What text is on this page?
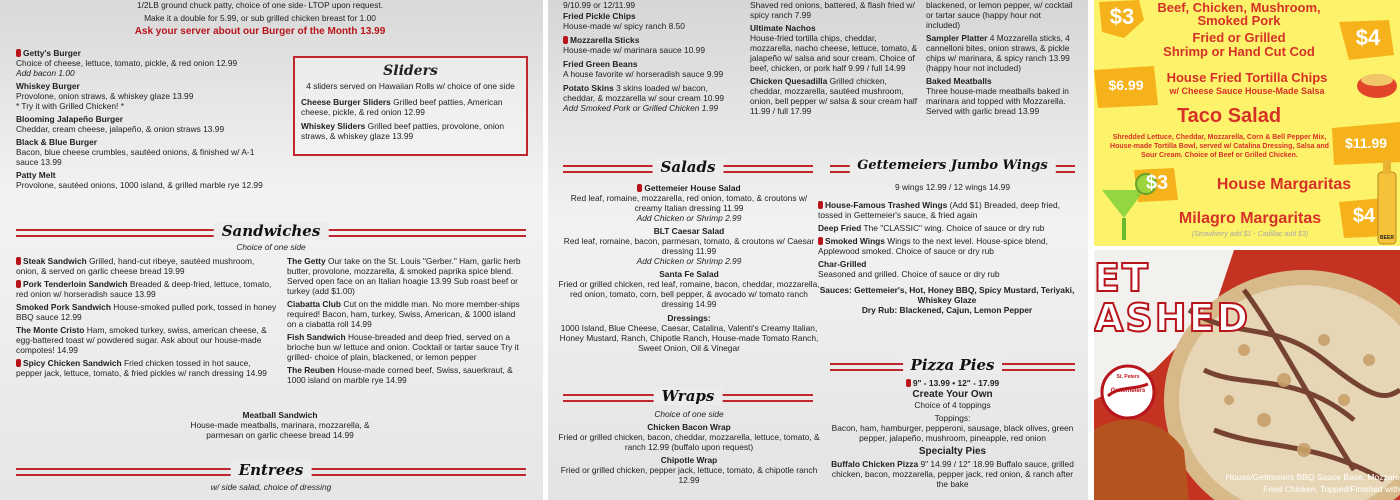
1/2LB ground chuck patty, choice of one side- LTOP upon request.
Make it a double for 5.99, or sub grilled chicken breast for 1.00
Ask your server about our Burger of the Month 13.99
Getty's Burger
Choice of cheese, lettuce, tomato, pickle, & red onion 12.99
Add bacon 1.00
Whiskey Burger
Provolone, onion straws, & whiskey glaze 13.99
* Try it with Grilled Chicken! *
Blooming Jalapeño Burger
Cheddar, cream cheese, jalapeño, & onion straws 13.99
Black & Blue Burger
Bacon, blue cheese crumbles, sautéed onions, & finished w/ A-1 sauce 13.99
Patty Melt
Provolone, sautéed onions, 1000 island, & grilled marble rye 12.99
Sliders
4 sliders served on Hawaiian Rolls w/ choice of one side
Cheese Burger Sliders Grilled beef patties, American cheese, pickle, & red onion 12.99
Whiskey Sliders Grilled beef patties, provolone, onion straws, & whiskey glaze 13.99
Sandwiches
Choice of one side
Steak Sandwich Grilled, hand-cut ribeye, sautéed mushroom, onion, & served on garlic cheese bread 19.99
Pork Tenderloin Sandwich Breaded & deep-fried, lettuce, tomato, red onion w/ horseradish sauce 13.99
Smoked Pork Sandwich House-smoked pulled pork, tossed in honey BBQ sauce 12.99
The Monte Cristo Ham, smoked turkey, swiss, american cheese, & egg-battered toast w/ powdered sugar. Ask about our house-made compotes! 14.99
Spicy Chicken Sandwich Fried chicken tossed in hot sauce, pepper jack, lettuce, tomato, & fried pickles w/ ranch dressing 14.99
The Getty Our take on the St. Louis "Gerber." Ham, garlic herb butter, provolone, mozzarella, & smoked paprika spice blend. Served open face on an Italian hoagie 13.99 Sub roast beef or turkey (add $1.00)
Ciabatta Club Cut on the middle man. No more member-ships required! Bacon, ham, turkey, Swiss, American, & 1000 island on a ciabatta roll 14.99
Fish Sandwich House-breaded and deep fried, served on a brioche bun w/ lettuce and onion. Cocktail or tartar sauce Try it grilled- choice of plain, blackened, or lemon pepper
The Reuben House-made corned beef, Swiss, sauerkraut, & 1000 island on marble rye 14.99
Meatball Sandwich
House-made meatballs, marinara, mozzarella, & parmesan on garlic cheese bread 14.99
Entrees
w/ side salad, choice of dressing
9/10.99 or 12/11.99
Fried Pickle Chips
House-made w/ spicy ranch 8.50
Mozzarella Sticks
House-made w/ marinara sauce 10.99
Fried Green Beans
A house favorite w/ horseradish sauce 9.99
Potato Skins 3 skins loaded w/ bacon, cheddar, & mozzarella w/ sour cream 10.99
Add Smoked Pork or Grilled Chicken 1.99
Shaved red onions, battered, & flash fried w/ spicy ranch 7.99
Ultimate Nachos
House-fried tortilla chips, cheddar, mozzarella, nacho cheese, lettuce, tomato, & jalapeño w/ salsa and sour cream. Choice of beef, chicken, or pork half 9.99 / full 14.99
Chicken Quesadilla Grilled chicken, cheddar, mozzarella, sautéed mushroom, onion, bell pepper w/ salsa & sour cream half 11.99 / full 17.99
blackened, or lemon pepper, w/ cocktail or tartar sauce (happy hour not included)
Sampler Platter 4 Mozzarella sticks, 4 cannelloni bites, onion straws, & pickle chips w/ marinara, & spicy ranch 13.99 (happy hour not included)
Baked Meatballs
Three house-made meatballs baked in marinara and topped with Mozzarella. Served with garlic bread 13.99
Salads
Gettemeier House Salad
Red leaf, romaine, mozzarella, red onion, tomato, & croutons w/ creamy Italian dressing 11.99
Add Chicken or Shrimp 2.99
BLT Caesar Salad
Red leaf, romaine, bacon, parmesan, tomato, & croutons w/ Caesar dressing 11.99
Add Chicken or Shrimp 2.99
Santa Fe Salad
Fried or grilled chicken, red leaf, romaine, bacon, cheddar, mozzarella, red onion, tomato, corn, bell pepper, & avocado w/ tomato ranch dressing 14.99
Dressings:
1000 Island, Blue Cheese, Caesar, Catalina, Valenti's Creamy Italian, Honey Mustard, Ranch, Chipotle Ranch, House-made Tomato Ranch, Sweet Onion, Oil & Vinegar
Gettemeiers Jumbo Wings
9 wings 12.99 / 12 wings 14.99
House-Famous Trashed Wings (Add $1) Breaded, deep fried, tossed in Gettemeier's sauce, & fried again
Deep Fried The "CLASSIC" wing. Choice of sauce or dry rub
Smoked Wings Wings to the next level. House-spice blend, Applewood smoked. Choice of sauce or dry rub
Char-Grilled
Seasoned and grilled. Choice of sauce or dry rub
Sauces: Gettemeier's, Hot, Honey BBQ, Spicy Mustard, Teriyaki, Whiskey Glaze
Dry Rub: Blackened, Cajun, Lemon Pepper
Wraps
Choice of one side
Chicken Bacon Wrap
Fried or grilled chicken, bacon, cheddar, mozzarella, lettuce, tomato, & ranch 12.99 (buffalo upon request)
Chipotle Wrap
Fried or grilled chicken, pepper jack, lettuce, tomato, & chipotle ranch 12.99
Pizza Pies
9" - 13.99 • 12" - 17.99
Create Your Own
Choice of 4 toppings
Toppings:
Bacon, ham, hamburger, pepperoni, sausage, black olives, green pepper, jalapeño, mushroom, pineapple, red onion
Specialty Pies
Buffalo Chicken Pizza 9" 14.99 / 12" 18.99 Buffalo sauce, grilled chicken, bacon, mozzarella, pepper jack, red onion, & ranch after the bake
$3
$4
$6.99
$11.99
$3
$4
Beef, Chicken, Mushroom,
Smoked Pork
Fried or Grilled
Shrimp or Hand Cut Cod
House Fried Tortilla Chips
w/ Cheese Sauce House-Made Salsa
Taco Salad
Shredded Lettuce, Cheddar, Mozzarella, Corn & Bell Pepper Mix, House-made Tortilla Bowl, served w/ Catalina Dressing, Salsa and Sour Cream. Choice of Beef or Grilled Chicken.
House Margaritas
Milagro Margaritas
(Strawberry add $1 - Cadillac add $3)	BEER
ET
ASHED
St. Peters
Gettemeiers
House/Gettmeiers BBQ Sauce Base, Mozzare
Fried Chicken, Topped/Finished with
